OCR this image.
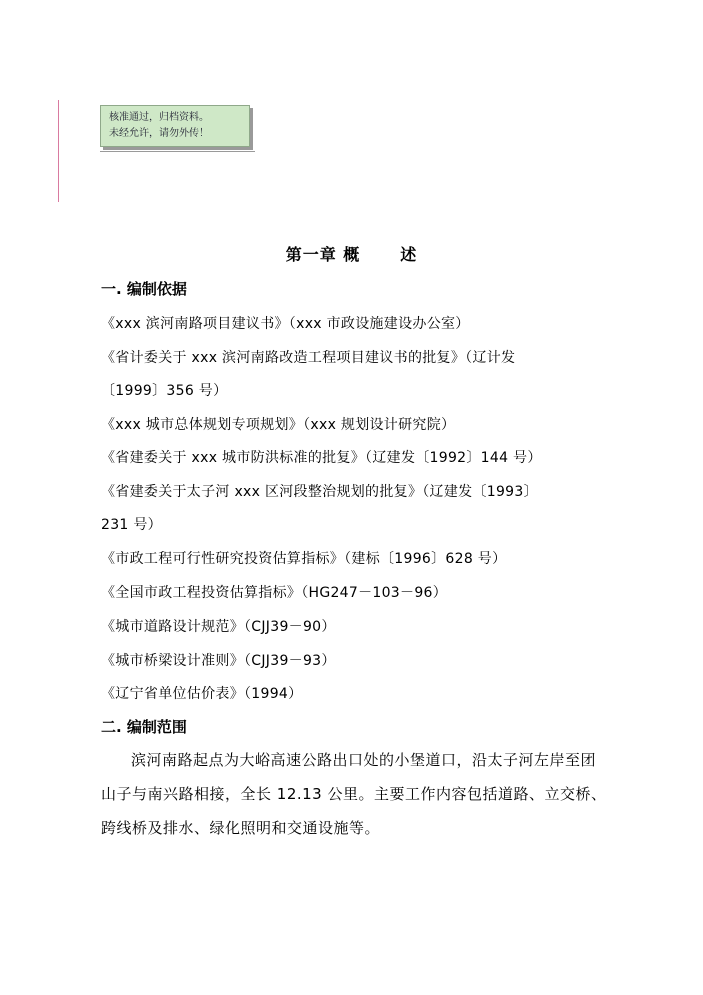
核准通过，归档资料。
未经允许，请勿外传！
第一章 概	述
一. 编制依据
《xxx 滨河南路项目建议书》（xxx 市政设施建设办公室）
《省计委关于 xxx 滨河南路改造工程项目建议书的批复》（辽计发
〔1999〕356 号）
《xxx 城市总体规划专项规划》（xxx 规划设计研究院）
《省建委关于 xxx 城市防洪标准的批复》（辽建发〔1992〕144 号）
《省建委关于太子河 xxx 区河段整治规划的批复》（辽建发〔1993〕
231 号）
《市政工程可行性研究投资估算指标》（建标〔1996〕628 号）
《全国市政工程投资估算指标》（HG247－103－96）
《城市道路设计规范》（CJJ39－90）
《城市桥梁设计准则》（CJJ39－93）
《辽宁省单位估价表》（1994）
二. 编制范围
滨河南路起点为大峪高速公路出口处的小堡道口，沿太子河左岸至团山子与南兴路相接，全长 12.13 公里。主要工作内容包括道路、立交桥、跨线桥及排水、绿化照明和交通设施等。
